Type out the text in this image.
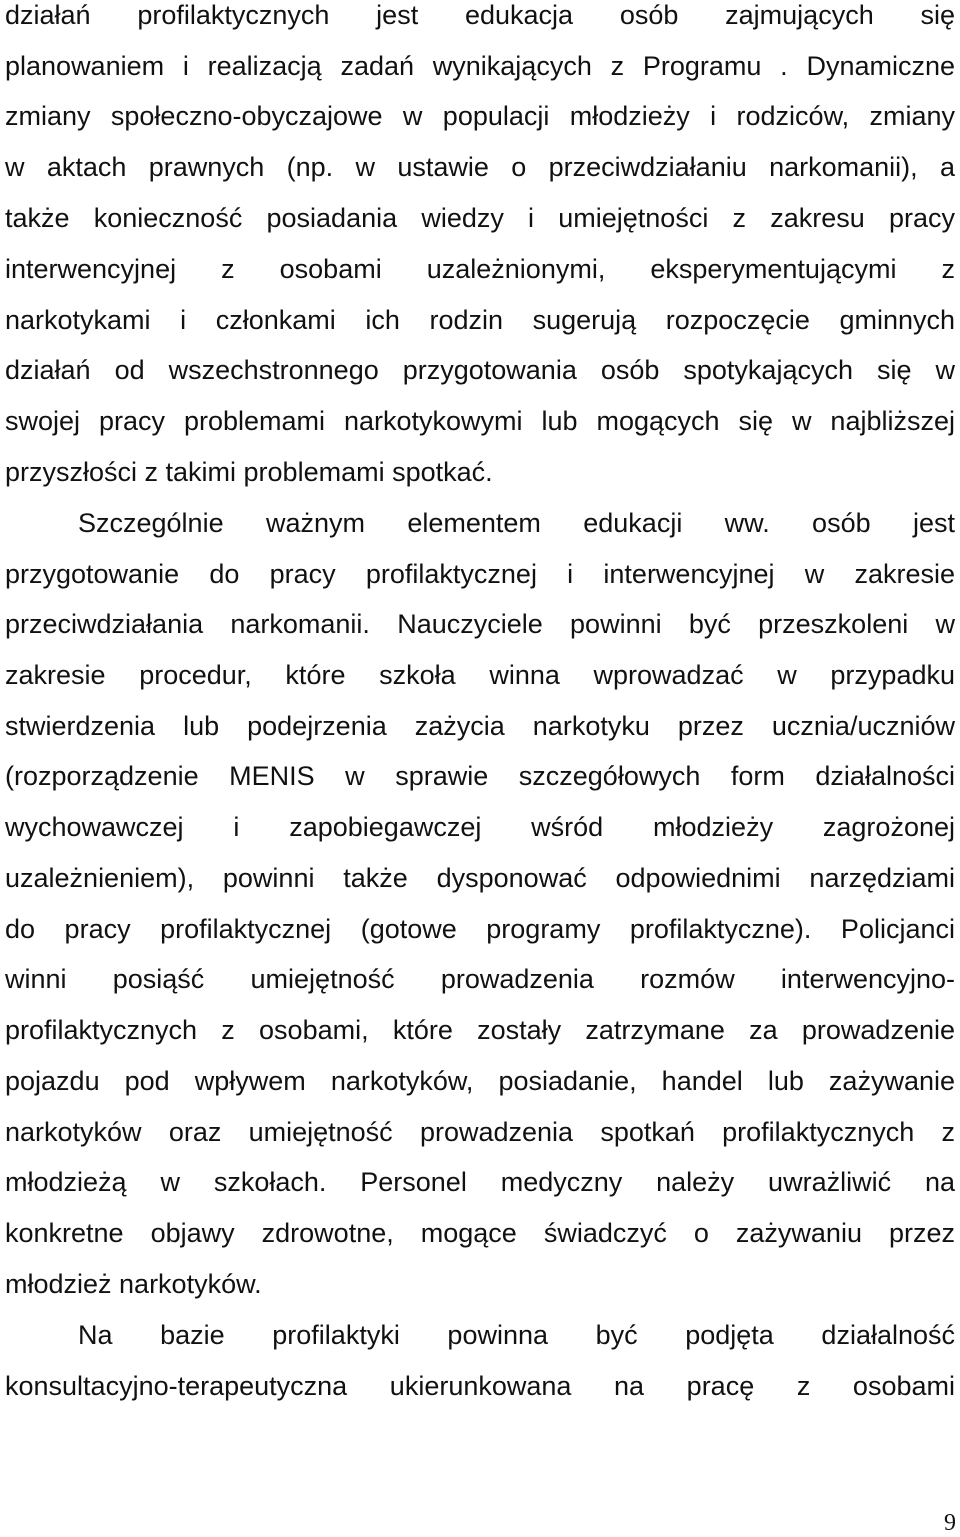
działań profilaktycznych jest edukacja osób zajmujących się
planowaniem i realizacją zadań wynikających z Programu . Dynamiczne
zmiany społeczno-obyczajowe w populacji młodzieży i rodziców, zmiany
w aktach prawnych (np. w ustawie o przeciwdziałaniu narkomanii), a
także konieczność posiadania wiedzy i umiejętności z zakresu pracy
interwencyjnej z osobami uzależnionymi, eksperymentującymi z
narkotykami i członkami ich rodzin sugerują rozpoczęcie gminnych
działań od wszechstronnego przygotowania osób spotykających się w
swojej pracy problemami narkotykowymi lub mogących się w najbliższej
przyszłości z takimi problemami spotkać.
Szczególnie ważnym elementem edukacji ww. osób jest
przygotowanie do pracy profilaktycznej i interwencyjnej w zakresie
przeciwdziałania narkomanii. Nauczyciele powinni być przeszkoleni w
zakresie procedur, które szkoła winna wprowadzać w przypadku
stwierdzenia lub podejrzenia zażycia narkotyku przez ucznia/uczniów
(rozporządzenie MENIS w sprawie szczegółowych form działalności
wychowawczej i zapobiegawczej wśród młodzieży zagrożonej
uzależnieniem), powinni także dysponować odpowiednimi narzędziami
do pracy profilaktycznej (gotowe programy profilaktyczne). Policjanci
winni posiąść umiejętność prowadzenia rozmów interwencyjno-
profilaktycznych z osobami, które zostały zatrzymane za prowadzenie
pojazdu pod wpływem narkotyków, posiadanie, handel lub zażywanie
narkotyków oraz umiejętność prowadzenia spotkań profilaktycznych z
młodzieżą w szkołach. Personel medyczny należy uwrażliwić na
konkretne objawy zdrowotne, mogące świadczyć o zażywaniu przez
młodzież narkotyków.
Na bazie profilaktyki powinna być podjęta działalność
konsultacyjno-terapeutyczna ukierunkowana na pracę z osobami
9
